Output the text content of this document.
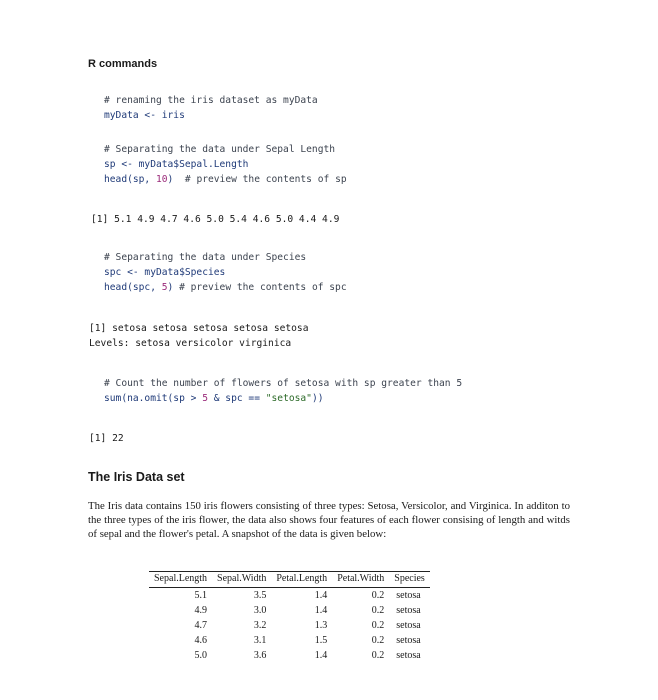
R commands
# renaming the iris dataset as myData
myData <- iris
# Separating the data under Sepal Length
sp <- myData$Sepal.Length
head(sp, 10) # preview the contents of sp
[1] 5.1 4.9 4.7 4.6 5.0 5.4 4.6 5.0 4.4 4.9
# Separating the data under Species
spc <- myData$Species
head(spc, 5) # preview the contents of spc
[1] setosa setosa setosa setosa setosa
Levels: setosa versicolor virginica
# Count the number of flowers of setosa with sp greater than 5
sum(na.omit(sp > 5 & spc == "setosa"))
[1] 22
The Iris Data set

The Iris data contains 150 iris flowers consisting of three types: Setosa, Versicolor, and Virginica. In additon to the three types of the iris flower, the data also shows four features of each flower consising of length and witds of sepal and the flower's petal. A snapshot of the data is given below:

Sepal.Length	Sepal.Width	Petal.Length	Petal.Width	Species
5.1	3.5	1.4	0.2	setosa
4.9	3.0	1.4	0.2	setosa
4.7	3.2	1.3	0.2	setosa
4.6	3.1	1.5	0.2	setosa
5.0	3.6	1.4	0.2	setosa
